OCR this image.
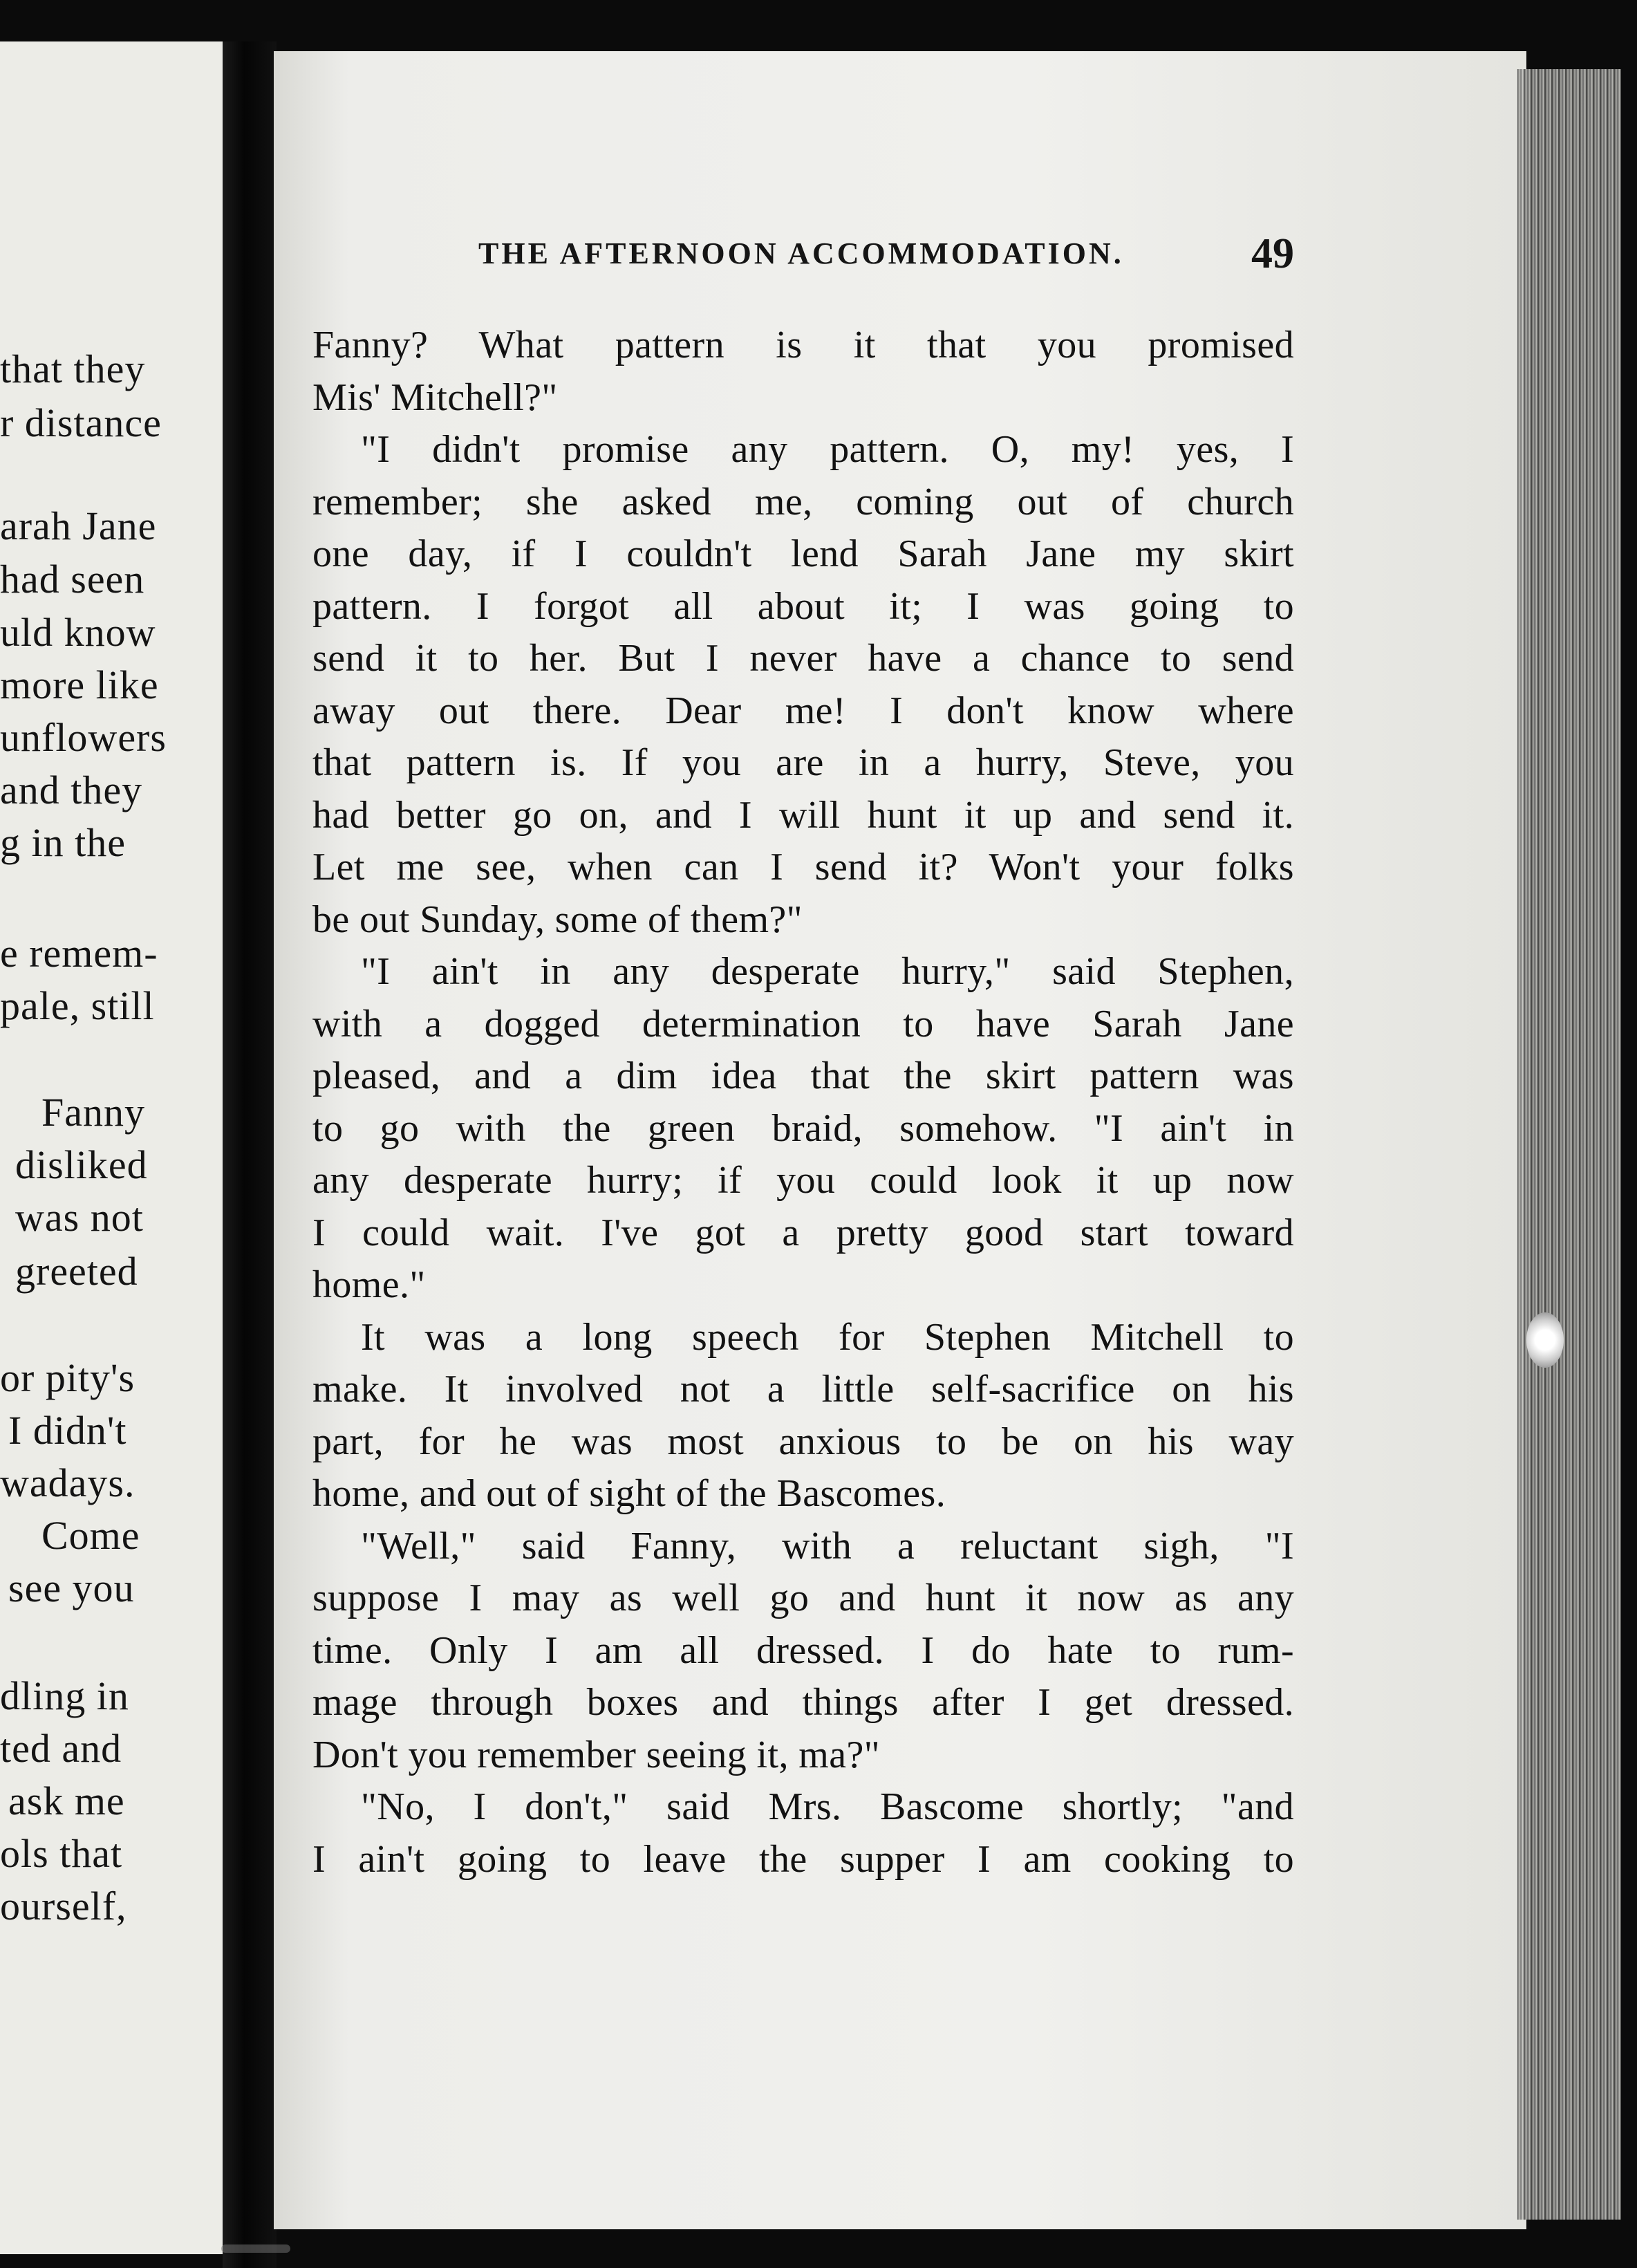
that they
r distance
arah Jane
had seen
uld know
more like
unflowers
and they
g in the
e remem-
pale, still
Fanny
disliked
was not
greeted
or pity's
I didn't
wadays.
Come
see you
dling in
ted and
ask me
ols that
ourself,
THE AFTERNOON ACCOMMODATION.	49
Fanny? What pattern is it that you promised
Mis' Mitchell?"
"I didn't promise any pattern. O, my! yes, I
remember; she asked me, coming out of church
one day, if I couldn't lend Sarah Jane my skirt
pattern. I forgot all about it; I was going to
send it to her. But I never have a chance to send
away out there. Dear me! I don't know where
that pattern is. If you are in a hurry, Steve, you
had better go on, and I will hunt it up and send it.
Let me see, when can I send it? Won't your folks
be out Sunday, some of them?"
"I ain't in any desperate hurry," said Stephen,
with a dogged determination to have Sarah Jane
pleased, and a dim idea that the skirt pattern was
to go with the green braid, somehow. "I ain't in
any desperate hurry; if you could look it up now
I could wait. I've got a pretty good start toward
home."
It was a long speech for Stephen Mitchell to
make. It involved not a little self-sacrifice on his
part, for he was most anxious to be on his way
home, and out of sight of the Bascomes.
"Well," said Fanny, with a reluctant sigh, "I
suppose I may as well go and hunt it now as any
time. Only I am all dressed. I do hate to rum-
mage through boxes and things after I get dressed.
Don't you remember seeing it, ma?"
"No, I don't," said Mrs. Bascome shortly; "and
I ain't going to leave the supper I am cooking to
